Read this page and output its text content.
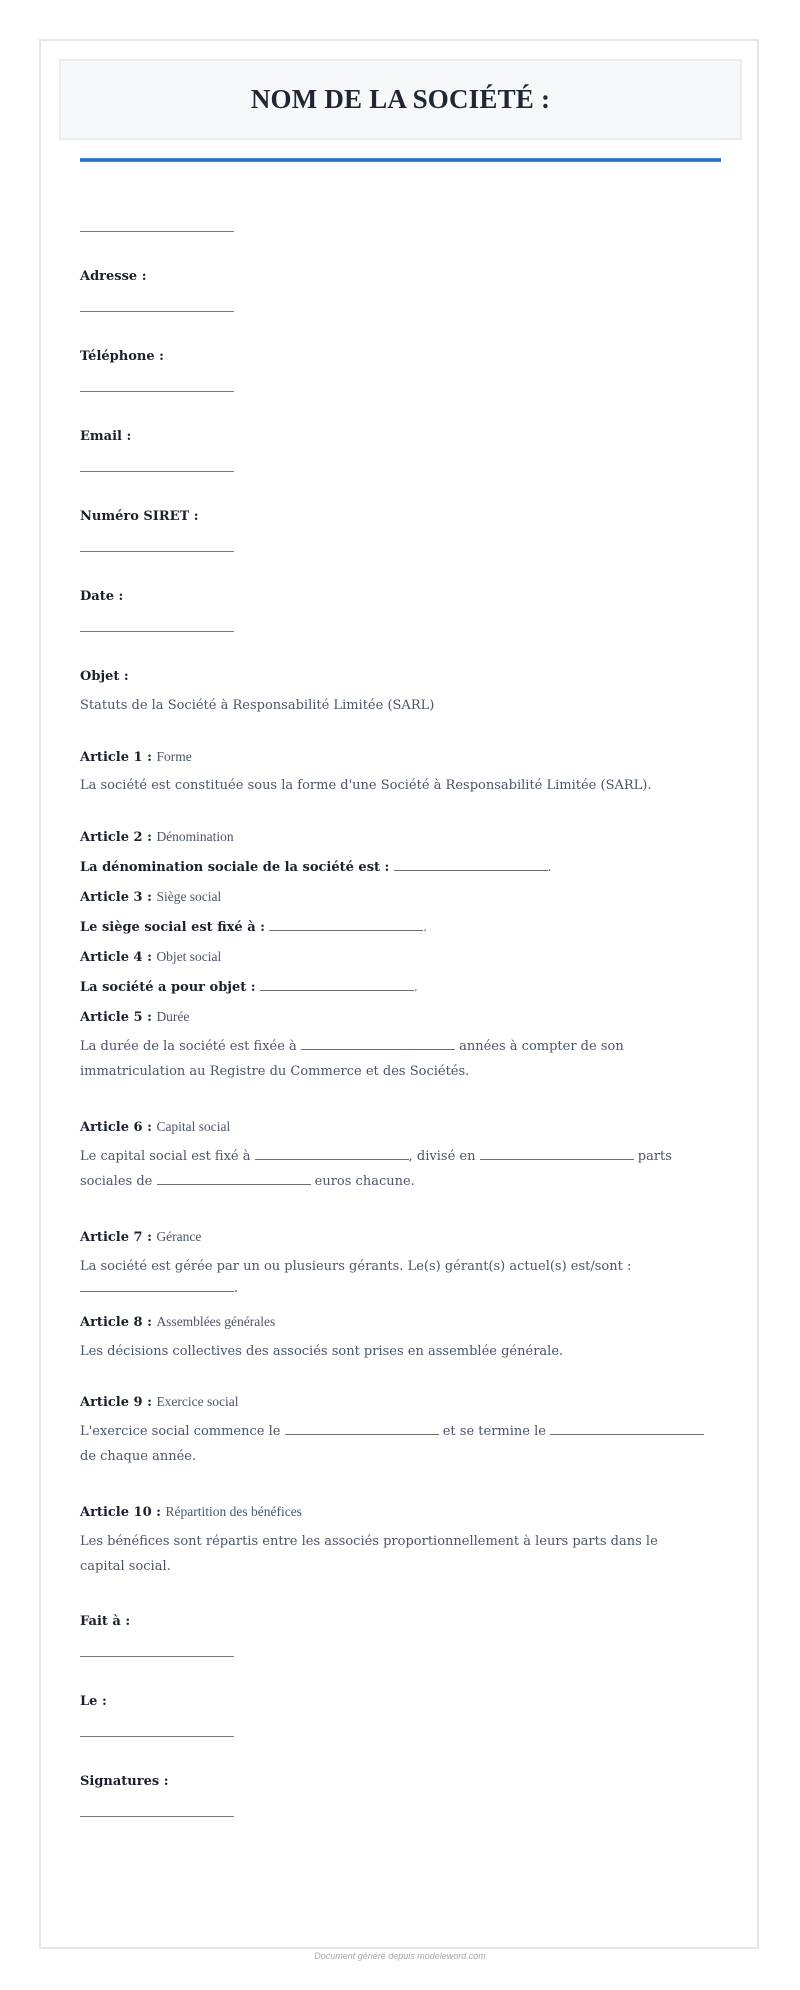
NOM DE LA SOCIÉTÉ :
Adresse :
Téléphone :
Email :
Numéro SIRET :
Date :
Objet :
Statuts de la Société à Responsabilité Limitée (SARL)
Article 1 : Forme
La société est constituée sous la forme d'une Société à Responsabilité Limitée (SARL).
Article 2 : Dénomination
La dénomination sociale de la société est :	.
Article 3 : Siège social
Le siège social est fixé à :	.
Article 4 : Objet social
La société a pour objet :	.
Article 5 : Durée
La durée de la société est fixée à	années à compter de son
immatriculation au Registre du Commerce et des Sociétés.
Article 6 : Capital social
Le capital social est fixé à	, divisé en	parts
sociales de	euros chacune.
Article 7 : Gérance
La société est gérée par un ou plusieurs gérants. Le(s) gérant(s) actuel(s) est/sont :
.
Article 8 : Assemblées générales
Les décisions collectives des associés sont prises en assemblée générale.
Article 9 : Exercice social
L'exercice social commence le	et se termine le
de chaque année.
Article 10 : Répartition des bénéfices
Les bénéfices sont répartis entre les associés proportionnellement à leurs parts dans le
capital social.
Fait à :
Le :
Signatures :
Document généré depuis modeleword.com
